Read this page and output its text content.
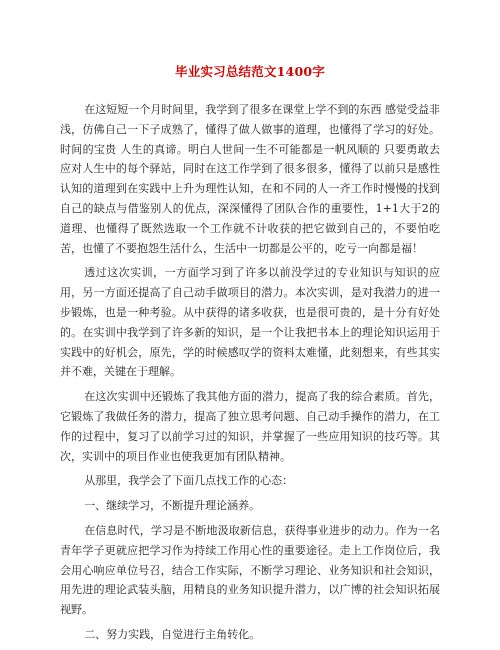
毕业实习总结范文1400字

在这短短一个月时间里，我学到了很多在课堂上学不到的东西 感觉受益非浅，仿佛自己一下子成熟了，懂得了做人做事的道理，也懂得了学习的好处。时间的宝贵 人生的真谛。明白人世间一生不可能都是一帆风顺的 只要勇敢去应对人生中的每个驿站，同时在这工作学到了很多很多，懂得了以前只是感性认知的道理到在实践中上升为理性认知，在和不同的人一齐工作时慢慢的找到自己的缺点与借鉴别人的优点，深深懂得了团队合作的重要性，1+1大于2的道理、也懂得了既然选取一个工作就不计收获的把它做到自己的，不要怕吃苦，也懂了不要抱怨生活什么，生活中一切都是公平的，吃亏一向都是福！

透过这次实训，一方面学习到了许多以前没学过的专业知识与知识的应用，另一方面还提高了自己动手做项目的潜力。本次实训，是对我潜力的进一步锻炼，也是一种考验。从中获得的诸多收获，也是很可贵的，是十分有好处的。在实训中我学到了许多新的知识，是一个让我把书本上的理论知识运用于实践中的好机会，原先，学的时候感叹学的资料太难懂，此刻想来，有些其实并不难，关键在于理解。

在这次实训中还锻炼了我其他方面的潜力，提高了我的综合素质。首先，它锻炼了我做任务的潜力，提高了独立思考问题、自己动手操作的潜力，在工作的过程中，复习了以前学习过的知识，并掌握了一些应用知识的技巧等。其次，实训中的项目作业也使我更加有团队精神。

从那里，我学会了下面几点找工作的心态：

一、继续学习，不断提升理论涵养。

在信息时代，学习是不断地汲取新信息，获得事业进步的动力。作为一名青年学子更就应把学习作为持续工作用心性的重要途径。走上工作岗位后，我会用心响应单位号召，结合工作实际，不断学习理论、业务知识和社会知识，用先进的理论武装头脑，用精良的业务知识提升潜力，以广博的社会知识拓展视野。

二、努力实践，自觉进行主角转化。
